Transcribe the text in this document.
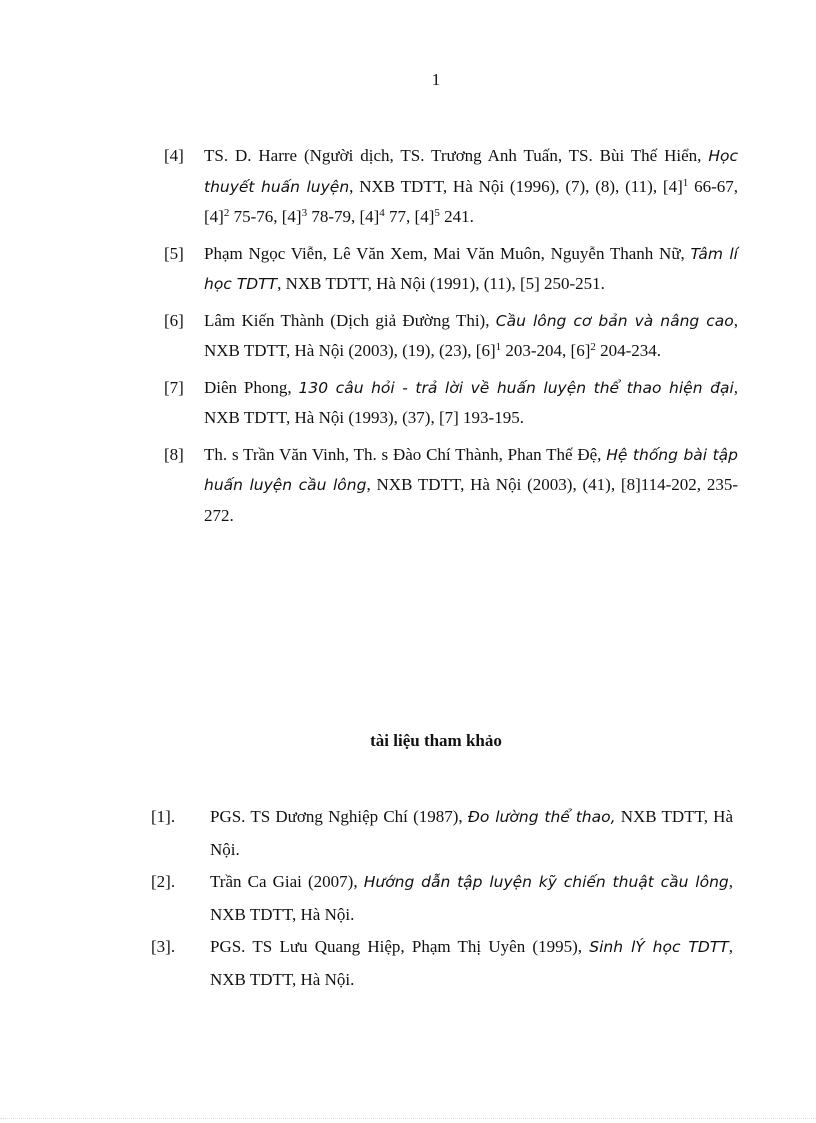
1
[4]	TS. D. Harre (Người dịch, TS. Trương Anh Tuấn, TS. Bùi Thế Hiển, Học thuyết huấn luyện, NXB TDTT, Hà Nội (1996), (7), (8), (11), $[4]^1$ 66-67, $[4]^2$ 75-76, $[4]^3$ 78-79, $[4]^4$ 77, $[4]^5$ 241.
[5]	Phạm Ngọc Viễn, Lê Văn Xem, Mai Văn Muôn, Nguyễn Thanh Nữ, Tâm lí học TDTT, NXB TDTT, Hà Nội (1991), (11), [5] 250-251.
[6]	Lâm Kiến Thành (Dịch giả Đường Thi), Cầu lông cơ bản và nâng cao, NXB TDTT, Hà Nội (2003), (19), (23), $[6]^1$ 203-204, $[6]^2$ 204-234.
[7]	Diên Phong, 130 câu hỏi - trả lời về huấn luyện thể thao hiện đại, NXB TDTT, Hà Nội (1993), (37), [7] 193-195.
[8]	Th. s Trần Văn Vinh, Th. s Đào Chí Thành, Phan Thế Đệ, Hệ thống bài tập huấn luyện cầu lông, NXB TDTT, Hà Nội (2003), (41), [8]114-202, 235-272.
tài liệu tham khảo
[1].	PGS. TS Dương Nghiệp Chí (1987), Đo lường thể thao, NXB TDTT, Hà Nội.
[2].	Trần Ca Giai (2007), Hướng dẫn tập luyện kỹ chiến thuật cầu lông, NXB TDTT, Hà Nội.
[3].	PGS. TS Lưu Quang Hiệp, Phạm Thị Uyên (1995), Sinh lÝ học TDTT, NXB TDTT, Hà Nội.
